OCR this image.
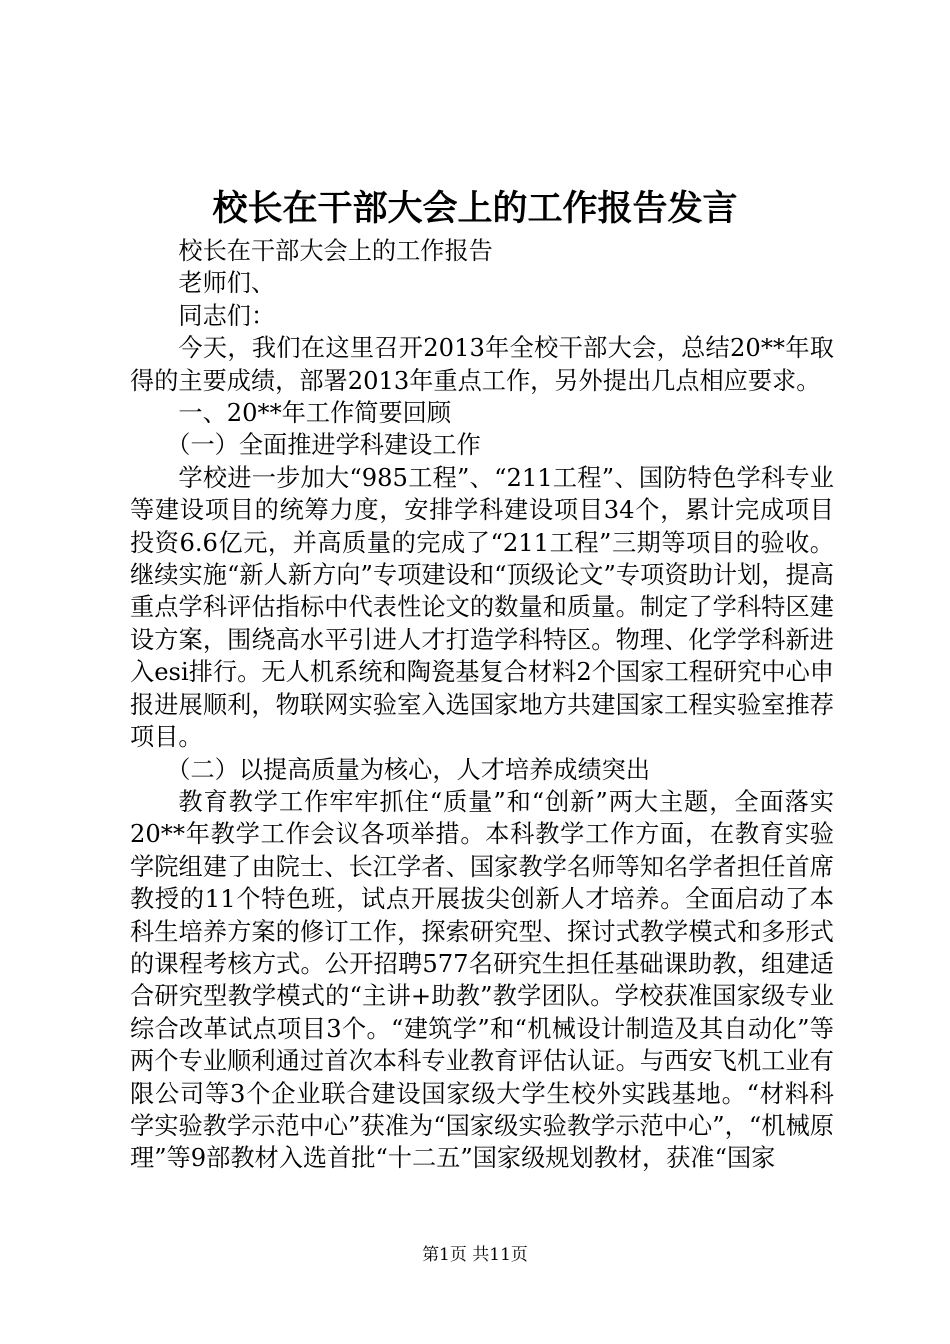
校长在干部大会上的工作报告发言

校长在干部大会上的工作报告

老师们、

同志们：

今天，我们在这里召开2013年全校干部大会，总结20**年取得的主要成绩，部署2013年重点工作，另外提出几点相应要求。

一、20**年工作简要回顾

（一）全面推进学科建设工作

学校进一步加大“985工程”、“211工程”、国防特色学科专业等建设项目的统筹力度，安排学科建设项目34个，累计完成项目投资6.6亿元，并高质量的完成了“211工程”三期等项目的验收。继续实施“新人新方向”专项建设和“顶级论文”专项资助计划，提高重点学科评估指标中代表性论文的数量和质量。制定了学科特区建设方案，围绕高水平引进人才打造学科特区。物理、化学学科新进入esi排行。无人机系统和陶瓷基复合材料2个国家工程研究中心申报进展顺利，物联网实验室入选国家地方共建国家工程实验室推荐项目。

（二）以提高质量为核心，人才培养成绩突出

教育教学工作牢牢抓住“质量”和“创新”两大主题，全面落实20**年教学工作会议各项举措。本科教学工作方面，在教育实验学院组建了由院士、长江学者、国家教学名师等知名学者担任首席教授的11个特色班，试点开展拔尖创新人才培养。全面启动了本科生培养方案的修订工作，探索研究型、探讨式教学模式和多形式的课程考核方式。公开招聘577名研究生担任基础课助教，组建适合研究型教学模式的“主讲+助教”教学团队。学校获准国家级专业综合改革试点项目3个。“建筑学”和“机械设计制造及其自动化”等两个专业顺利通过首次本科专业教育评估认证。与西安飞机工业有限公司等3个企业联合建设国家级大学生校外实践基地。“材料科学实验教学示范中心”获准为“国家级实验教学示范中心”，“机械原理”等9部教材入选首批“十二五”国家级规划教材，获准“国家

第1页 共11页
